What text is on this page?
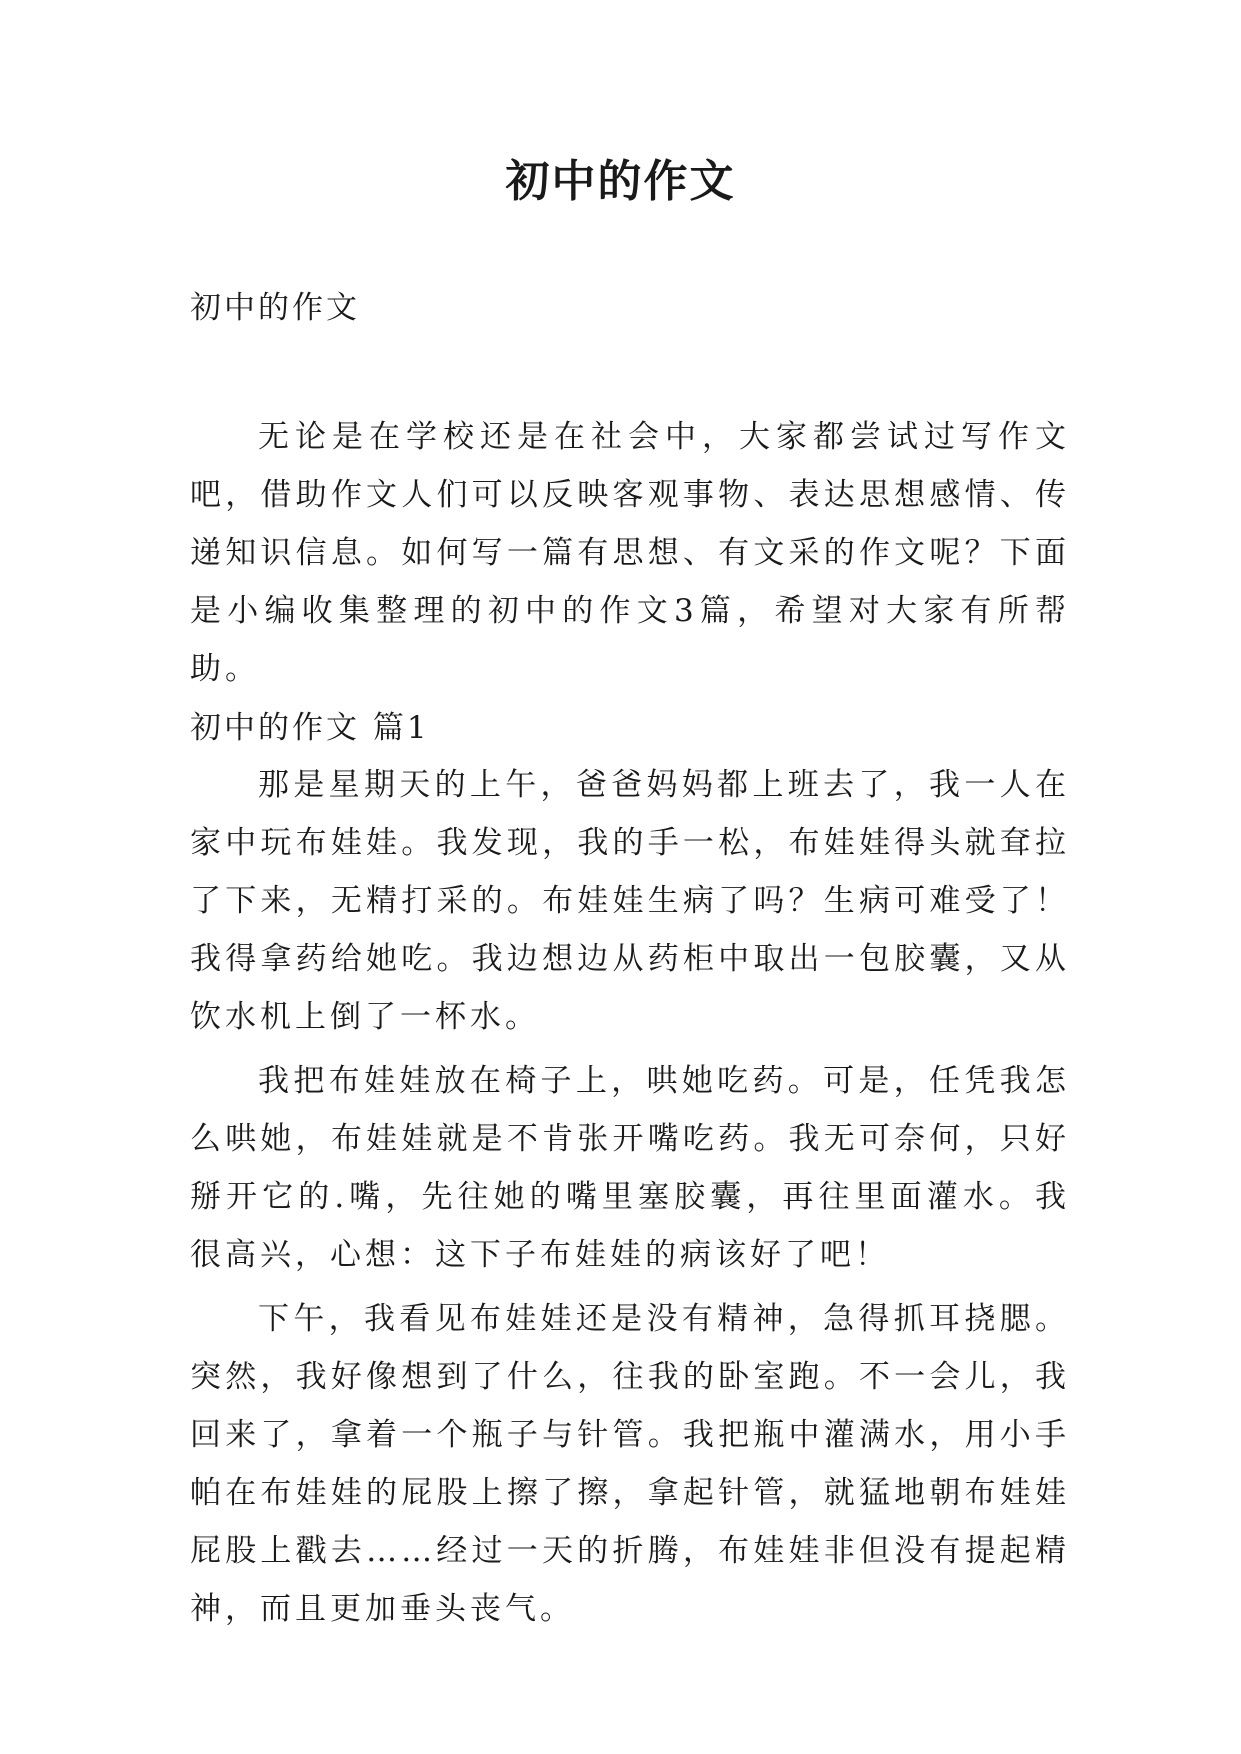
初中的作文

初中的作文

无论是在学校还是在社会中，大家都尝试过写作文吧，借助作文人们可以反映客观事物、表达思想感情、传递知识信息。如何写一篇有思想、有文采的作文呢？下面是小编收集整理的初中的作文3篇，希望对大家有所帮助。

初中的作文 篇1

那是星期天的上午，爸爸妈妈都上班去了，我一人在家中玩布娃娃。我发现，我的手一松，布娃娃得头就耷拉了下来，无精打采的。布娃娃生病了吗？生病可难受了！我得拿药给她吃。我边想边从药柜中取出一包胶囊，又从饮水机上倒了一杯水。

我把布娃娃放在椅子上，哄她吃药。可是，任凭我怎么哄她，布娃娃就是不肯张开嘴吃药。我无可奈何，只好掰开它的.嘴，先往她的嘴里塞胶囊，再往里面灌水。我很高兴，心想：这下子布娃娃的病该好了吧！

下午，我看见布娃娃还是没有精神，急得抓耳挠腮。突然，我好像想到了什么，往我的卧室跑。不一会儿，我回来了，拿着一个瓶子与针管。我把瓶中灌满水，用小手帕在布娃娃的屁股上擦了擦，拿起针管，就猛地朝布娃娃屁股上戳去……经过一天的折腾，布娃娃非但没有提起精神，而且更加垂头丧气。
